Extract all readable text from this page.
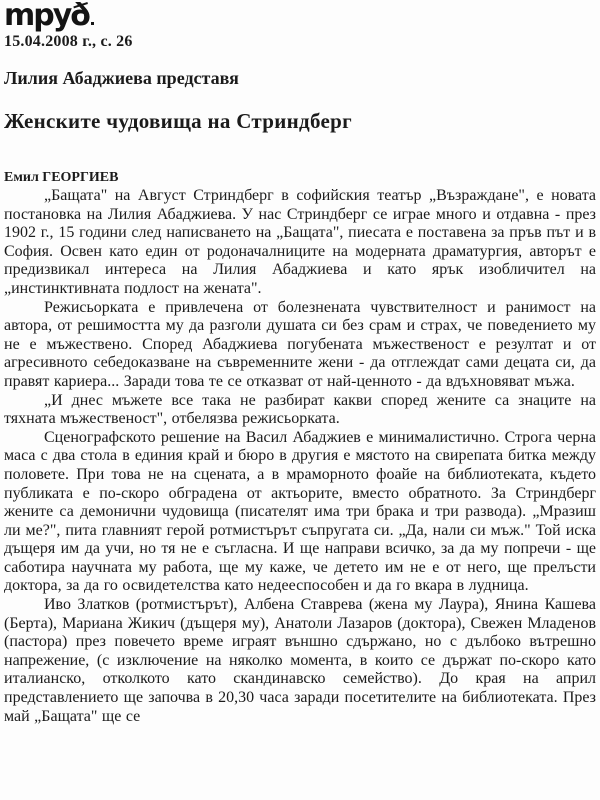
mpyð
15.04.2008 г., с. 26
Лилия Абаджиева представя
Женските чудовища на Стриндберг
Емил ГЕОРГИЕВ

„Бащата" на Август Стриндберг в софийския театър „Възраждане", е новата постановка на Лилия Абаджиева. У нас Стриндберг се играе много и отдавна - през 1902 г., 15 години след написването на „Бащата", пиесата е поставена за пръв път и в София. Освен като един от родоначалниците на модерната драматургия, авторът е предизвикал интереса на Лилия Абаджиева и като ярък изобличител на „инстинктивната подлост на жената".

Режисьорката е привлечена от болезнената чувствителност и ранимост на автора, от решимостта му да разголи душата си без срам и страх, че поведението му не е мъжествено. Според Абаджиева погубената мъжественост е резултат и от агресивното себедоказване на съвременните жени - да отглеждат сами децата си, да правят кариера... Заради това те се отказват от най-ценното - да вдъхновяват мъжа.

„И днес мъжете все така не разбират какви според жените са знаците на тяхната мъжественост", отбелязва режисьорката.

Сценографското решение на Васил Абаджиев е минималистично. Строга черна маса с два стола в единия край и бюро в другия е мястото на свирепата битка между половете. При това не на сцената, а в мраморното фоайе на библиотеката, където публиката е по-скоро обградена от актьорите, вместо обратното. За Стриндберг жените са демонични чудовища (писателят има три брака и три развода). „Мразиш ли ме?", пита главният герой ротмистърът съпругата си. „Да, нали си мъж." Той иска дъщеря им да учи, но тя не е съгласна. И ще направи всичко, за да му попречи - ще саботира научната му работа, ще му каже, че детето им не е от него, ще прелъсти доктора, за да го освидетелства като недееспособен и да го вкара в лудница.

Иво Златков (ротмистърът), Албена Ставрева (жена му Лаура), Янина Кашева (Берта), Мариана Жикич (дъщеря му), Анатоли Лазаров (доктора), Свежен Младенов (пастора) през повечето време играят външно сдържано, но с дълбоко вътрешно напрежение, (с изключение на няколко момента, в които се държат по-скоро като италианско, отколкото като скандинавско семейство). До края на април представлението ще започва в 20,30 часа заради посетителите на библиотеката. През май „Бащата" ще се
